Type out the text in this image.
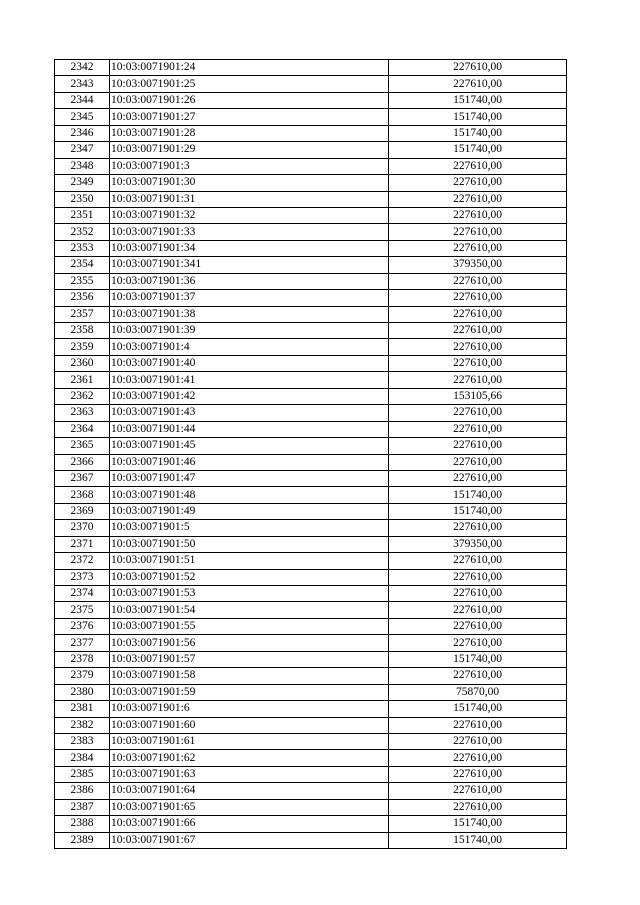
2342	10:03:0071901:24	227610,00
2343	10:03:0071901:25	227610,00
2344	10:03:0071901:26	151740,00
2345	10:03:0071901:27	151740,00
2346	10:03:0071901:28	151740,00
2347	10:03:0071901:29	151740,00
2348	10:03:0071901:3	227610,00
2349	10:03:0071901:30	227610,00
2350	10:03:0071901:31	227610,00
2351	10:03:0071901:32	227610,00
2352	10:03:0071901:33	227610,00
2353	10:03:0071901:34	227610,00
2354	10:03:0071901:341	379350,00
2355	10:03:0071901:36	227610,00
2356	10:03:0071901:37	227610,00
2357	10:03:0071901:38	227610,00
2358	10:03:0071901:39	227610,00
2359	10:03:0071901:4	227610,00
2360	10:03:0071901:40	227610,00
2361	10:03:0071901:41	227610,00
2362	10:03:0071901:42	153105,66
2363	10:03:0071901:43	227610,00
2364	10:03:0071901:44	227610,00
2365	10:03:0071901:45	227610,00
2366	10:03:0071901:46	227610,00
2367	10:03:0071901:47	227610,00
2368	10:03:0071901:48	151740,00
2369	10:03:0071901:49	151740,00
2370	10:03:0071901:5	227610,00
2371	10:03:0071901:50	379350,00
2372	10:03:0071901:51	227610,00
2373	10:03:0071901:52	227610,00
2374	10:03:0071901:53	227610,00
2375	10:03:0071901:54	227610,00
2376	10:03:0071901:55	227610,00
2377	10:03:0071901:56	227610,00
2378	10:03:0071901:57	151740,00
2379	10:03:0071901:58	227610,00
2380	10:03:0071901:59	75870,00
2381	10:03:0071901:6	151740,00
2382	10:03:0071901:60	227610,00
2383	10:03:0071901:61	227610,00
2384	10:03:0071901:62	227610,00
2385	10:03:0071901:63	227610,00
2386	10:03:0071901:64	227610,00
2387	10:03:0071901:65	227610,00
2388	10:03:0071901:66	151740,00
2389	10:03:0071901:67	151740,00
